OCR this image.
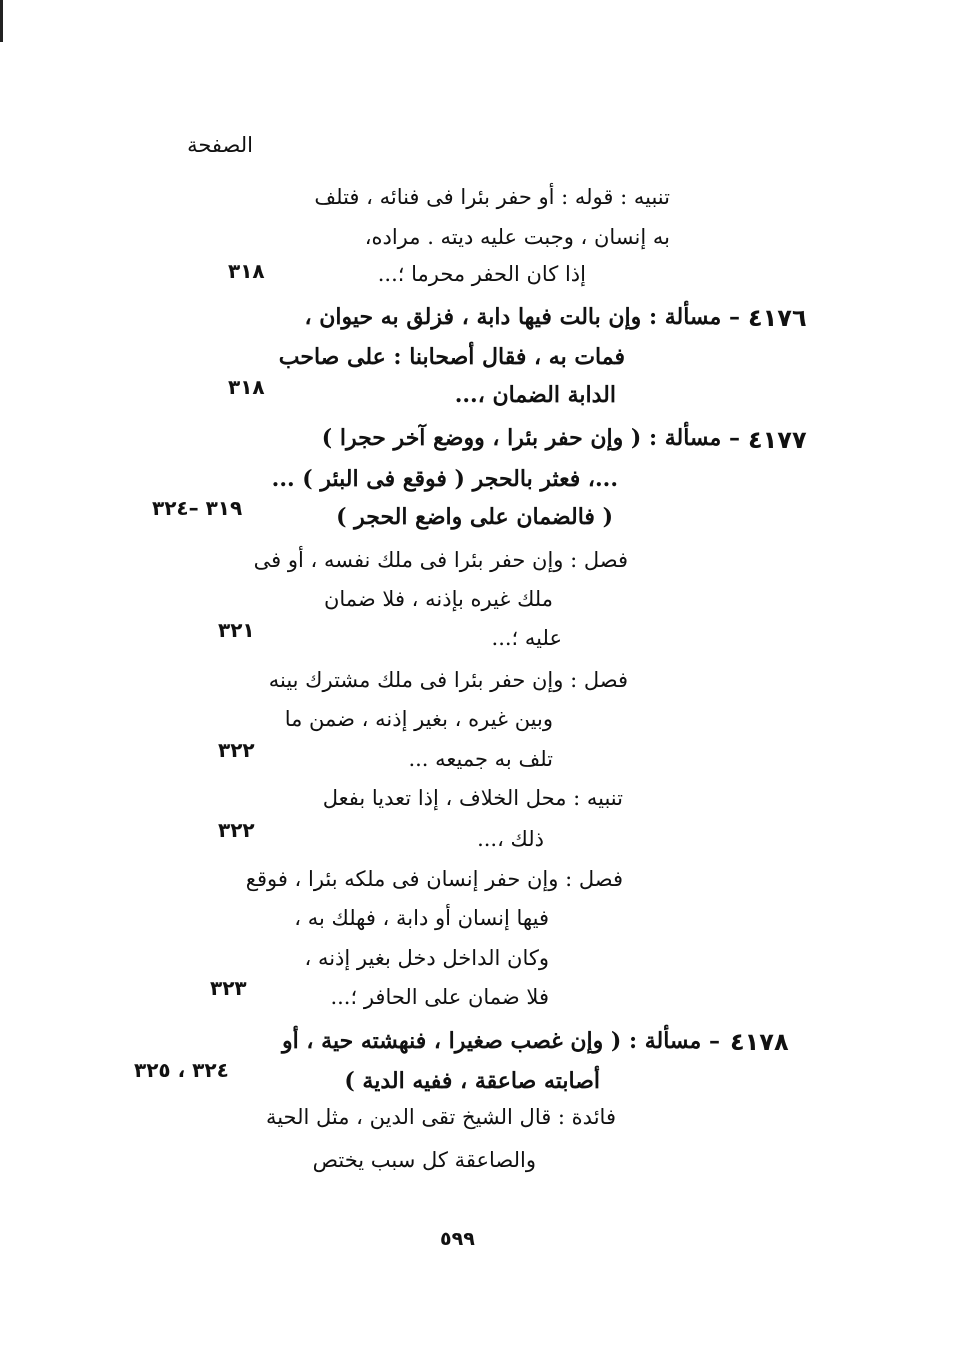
الصفحة
تنبيه : قوله : أو حفر بئرا فى فنائه ، فتلف
به إنسان ، وجبت عليه ديته . مراده،
إذا كان الحفر محرما ؛...
٣١٨
٤١٧٦
– مسألة : وإن بالت فيها دابة ، فزلق به حيوان ،
فمات به ، فقال أصحابنا : على صاحب
الدابة الضمان ،...
٣١٨
٤١٧٧
– مسألة : ( وإن حفر بئرا ، ووضع آخر حجرا )
...، فعثر بالحجر ( فوقع فى البئر ) ...
( فالضمان على واضع الحجر )
٣١٩ –٣٢٤
فصل : وإن حفر بئرا فى ملك نفسه ، أو فى
ملك غيره بإذنه ، فلا ضمان
عليه ؛...
٣٢١
فصل : وإن حفر بئرا فى ملك مشترك بينه
وبين غيره ، بغير إذنه ، ضمن ما
تلف به جميعه ...
٣٢٢
تنبيه : محل الخلاف ، إذا تعديا بفعل
ذلك ،...
٣٢٢
فصل : وإن حفر إنسان فى ملكه بئرا ، فوقع
فيها إنسان أو دابة ، فهلك به ،
وكان الداخل دخل بغير إذنه ،
فلا ضمان على الحافر ؛...
٣٢٣
٤١٧٨
– مسألة : ( وإن غصب صغيرا ، فنهشته حية ، أو
أصابته صاعقة ، ففيه الدية )
٣٢٤ ، ٣٢٥
فائدة : قال الشيخ تقى الدين ، مثل الحية
والصاعقة كل سبب يختص
٥٩٩
